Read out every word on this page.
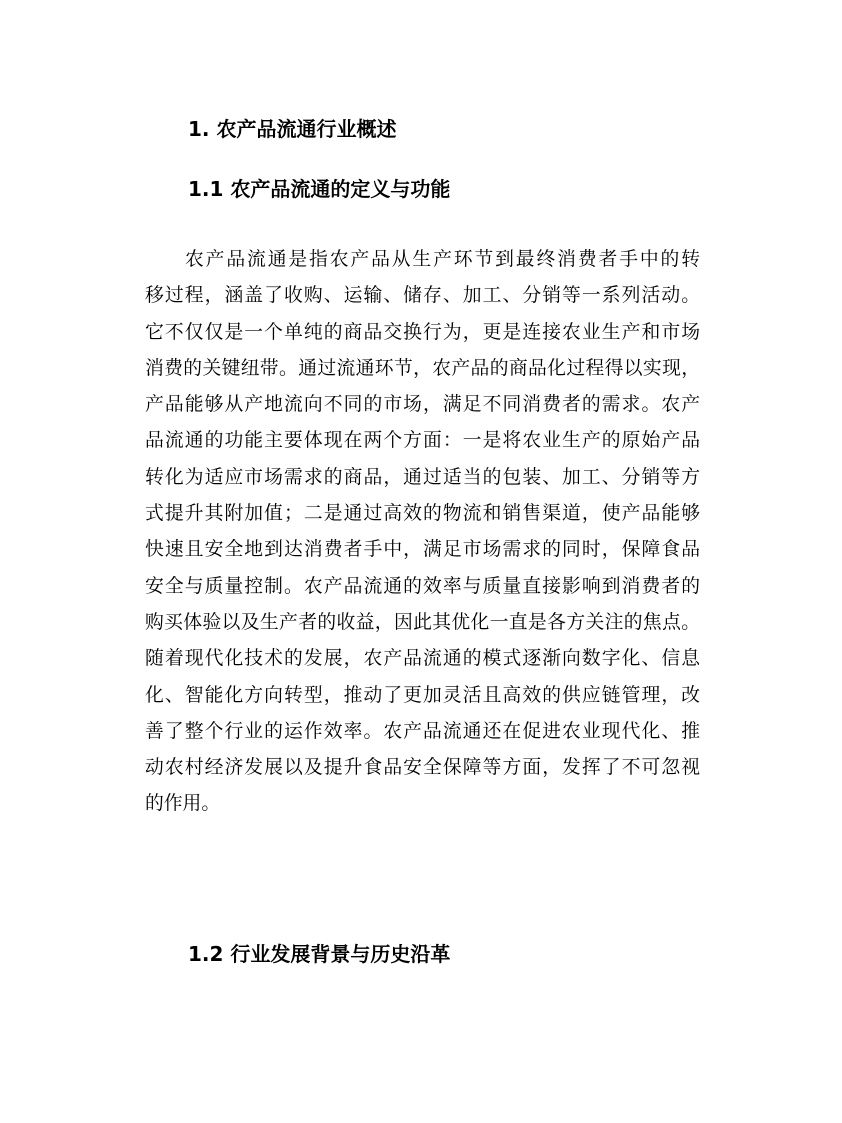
1. 农产品流通行业概述
1.1 农产品流通的定义与功能
农产品流通是指农产品从生产环节到最终消费者手中的转
移过程，涵盖了收购、运输、储存、加工、分销等一系列活动。
它不仅仅是一个单纯的商品交换行为，更是连接农业生产和市场
消费的关键纽带。通过流通环节，农产品的商品化过程得以实现，
产品能够从产地流向不同的市场，满足不同消费者的需求。农产
品流通的功能主要体现在两个方面：一是将农业生产的原始产品
转化为适应市场需求的商品，通过适当的包装、加工、分销等方
式提升其附加值；二是通过高效的物流和销售渠道，使产品能够
快速且安全地到达消费者手中，满足市场需求的同时，保障食品
安全与质量控制。农产品流通的效率与质量直接影响到消费者的
购买体验以及生产者的收益，因此其优化一直是各方关注的焦点。
随着现代化技术的发展，农产品流通的模式逐渐向数字化、信息
化、智能化方向转型，推动了更加灵活且高效的供应链管理，改
善了整个行业的运作效率。农产品流通还在促进农业现代化、推
动农村经济发展以及提升食品安全保障等方面，发挥了不可忽视
的作用。
1.2 行业发展背景与历史沿革
